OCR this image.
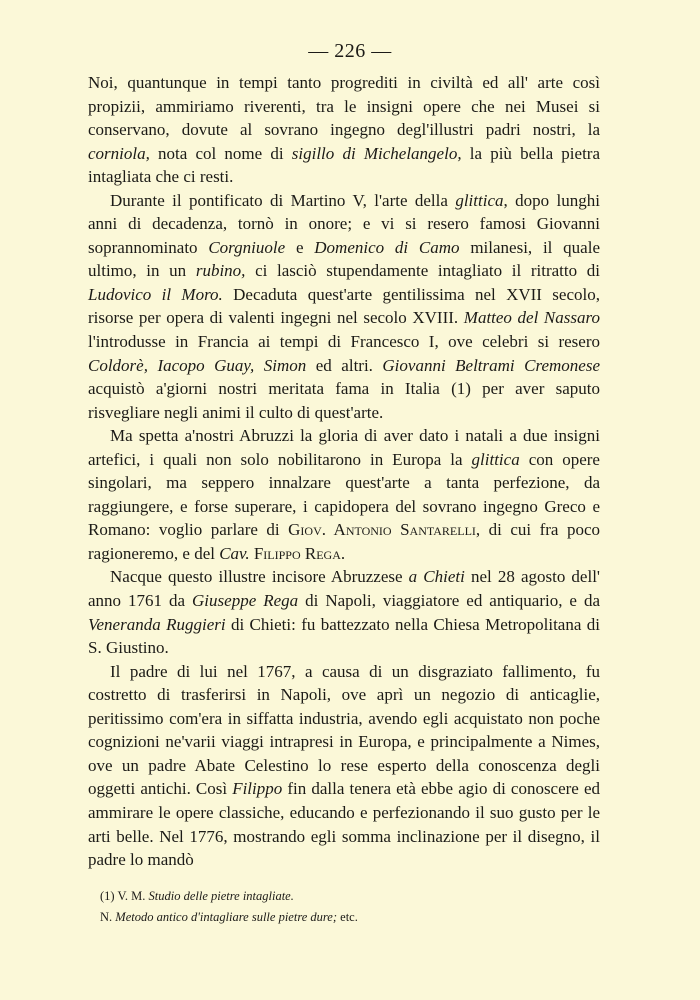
— 226 —

Noi, quantunque in tempi tanto progrediti in civiltà ed all' arte così propizii, ammiriamo riverenti, tra le insigni opere che nei Musei si conservano, dovute al sovrano ingegno degl'illustri padri nostri, la corniola, nota col nome di sigillo di Michelangelo, la più bella pietra intagliata che ci resti.

Durante il pontificato di Martino V, l'arte della glittica, dopo lunghi anni di decadenza, tornò in onore; e vi si resero famosi Giovanni soprannominato Corgniuole e Domenico di Camo milanesi, il quale ultimo, in un rubino, ci lasciò stupendamente intagliato il ritratto di Ludovico il Moro. Decaduta quest'arte gentilissima nel XVII secolo, risorse per opera di valenti ingegni nel secolo XVIII. Matteo del Nassaro l'introdusse in Francia ai tempi di Francesco I, ove celebri si resero Coldorè, Iacopo Guay, Simon ed altri. Giovanni Beltrami Cremonese acquistò a'giorni nostri meritata fama in Italia (1) per aver saputo risvegliare negli animi il culto di quest'arte.

Ma spetta a'nostri Abruzzi la gloria di aver dato i natali a due insigni artefici, i quali non solo nobilitarono in Europa la glittica con opere singolari, ma seppero innalzare quest'arte a tanta perfezione, da raggiungere, e forse superare, i capidopera del sovrano ingegno Greco e Romano: voglio parlare di Giov. Antonio Santarelli, di cui fra poco ragioneremo, e del Cav. Filippo Rega.

Nacque questo illustre incisore Abruzzese a Chieti nel 28 agosto dell' anno 1761 da Giuseppe Rega di Napoli, viaggiatore ed antiquario, e da Veneranda Ruggieri di Chieti: fu battezzato nella Chiesa Metropolitana di S. Giustino.

Il padre di lui nel 1767, a causa di un disgraziato fallimento, fu costretto di trasferirsi in Napoli, ove aprì un negozio di anticaglie, peritissimo com'era in siffatta industria, avendo egli acquistato non poche cognizioni ne'varii viaggi intrapresi in Europa, e principalmente a Nimes, ove un padre Abate Celestino lo rese esperto della conoscenza degli oggetti antichi. Così Filippo fin dalla tenera età ebbe agio di conoscere ed ammirare le opere classiche, educando e perfezionando il suo gusto per le arti belle. Nel 1776, mostrando egli somma inclinazione per il disegno, il padre lo mandò

(1) V. M. Studio delle pietre intagliate.
N. Metodo antico d'intagliare sulle pietre dure; etc.
